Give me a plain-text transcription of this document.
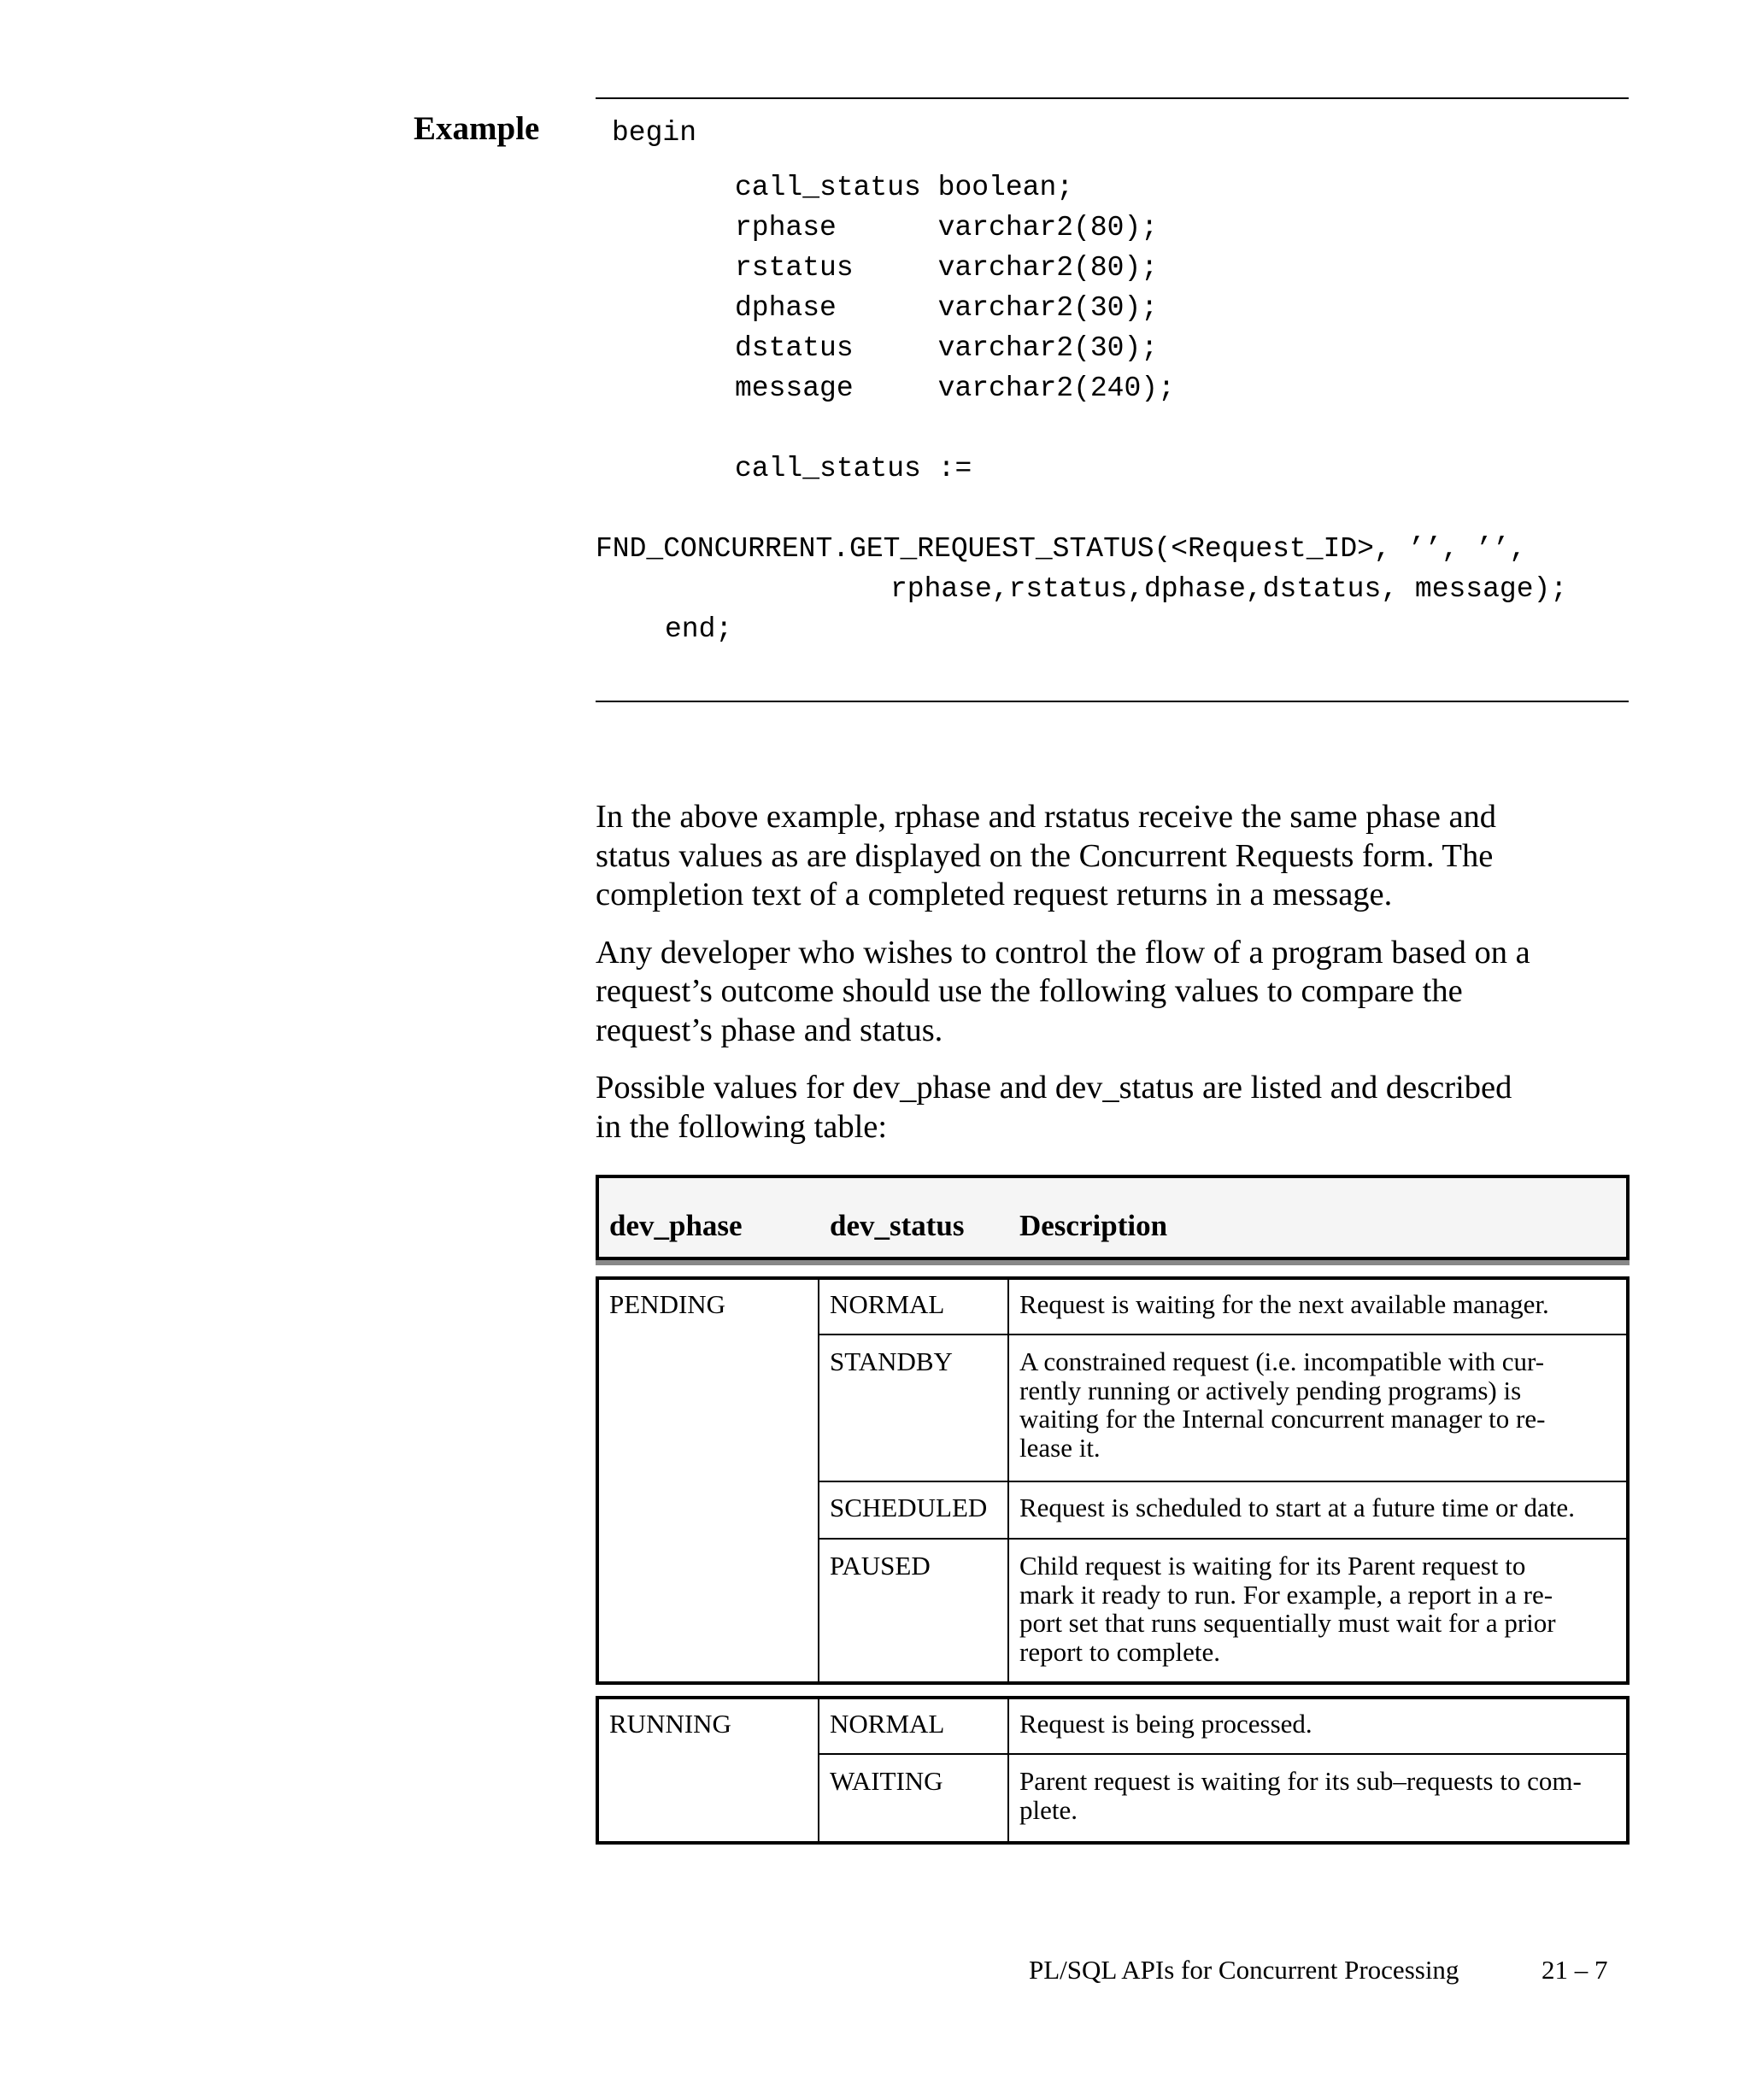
Example	begin
call_status boolean;
rphase      varchar2(80);
rstatus     varchar2(80);
dphase      varchar2(30);
dstatus     varchar2(30);
message     varchar2(240);
call_status :=
FND_CONCURRENT.GET_REQUEST_STATUS(<Request_ID>, ’’, ’’,
rphase,rstatus,dphase,dstatus, message);
end;

In the above example, rphase and rstatus receive the same phase and
status values as are displayed on the Concurrent Requests form. The
completion text of a completed request returns in a message.

Any developer who wishes to control the flow of a program based on a
request’s outcome should use the following values to compare the
request’s phase and status.

Possible values for dev_phase and dev_status are listed and described
in the following table:

dev_phase	dev_status Description
PENDING	NORMAL	Request is waiting for the next available manager.
STANDBY	A constrained request (i.e. incompatible with cur-
rently running or actively pending programs) is
waiting for the Internal concurrent manager to re-
lease it.
SCHEDULED Request is scheduled to start at a future time or date.
PAUSED	Child request is waiting for its Parent request to
mark it ready to run. For example, a report in a re-
port set that runs sequentially must wait for a prior
report to complete.
RUNNING	NORMAL	Request is being processed.
WAITING	Parent request is waiting for its sub–requests to com-
plete.
PL/SQL APIs for Concurrent Processing	21 – 7
